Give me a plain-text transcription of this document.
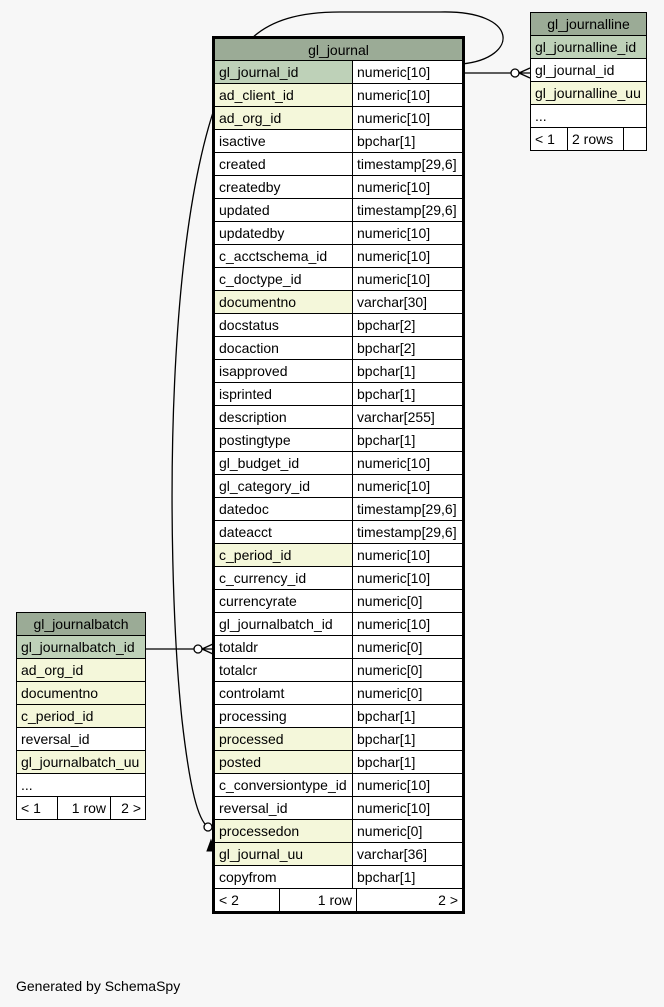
gl_journal	
gl_journal_id	numeric[10]
ad_client_id	numeric[10]
ad_org_id	numeric[10]
isactive	bpchar[1]
created	timestamp[29,6]
createdby	numeric[10]
updated	timestamp[29,6]
updatedby	numeric[10]
c_acctschema_id	numeric[10]
c_doctype_id	numeric[10]
documentno	varchar[30]
docstatus	bpchar[2]
docaction	bpchar[2]
isapproved	bpchar[1]
isprinted	bpchar[1]
description	varchar[255]
postingtype	bpchar[1]
gl_budget_id	numeric[10]
gl_category_id	numeric[10]
datedoc	timestamp[29,6]
dateacct	timestamp[29,6]
c_period_id	numeric[10]
c_currency_id	numeric[10]
currencyrate	numeric[0]
gl_journalbatch_id	numeric[10]
totaldr	numeric[0]
totalcr	numeric[0]
controlamt	numeric[0]
processing	bpchar[1]
processed	bpchar[1]
posted	bpchar[1]
c_conversiontype_id	numeric[10]
reversal_id	numeric[10]
processedon	numeric[0]
gl_journal_uu	varchar[36]
copyfrom	bpchar[1]

< 2 1 row 2 >	
gl_journalline
gl_journalline_id
gl_journal_id
gl_journalline_uu
...
< 1	2 rows	
gl_journalbatch
gl_journalbatch_id
ad_org_id
documentno
c_period_id
reversal_id
gl_journalbatch_uu
...
< 1	1 row	2 >
Generated by SchemaSpy
